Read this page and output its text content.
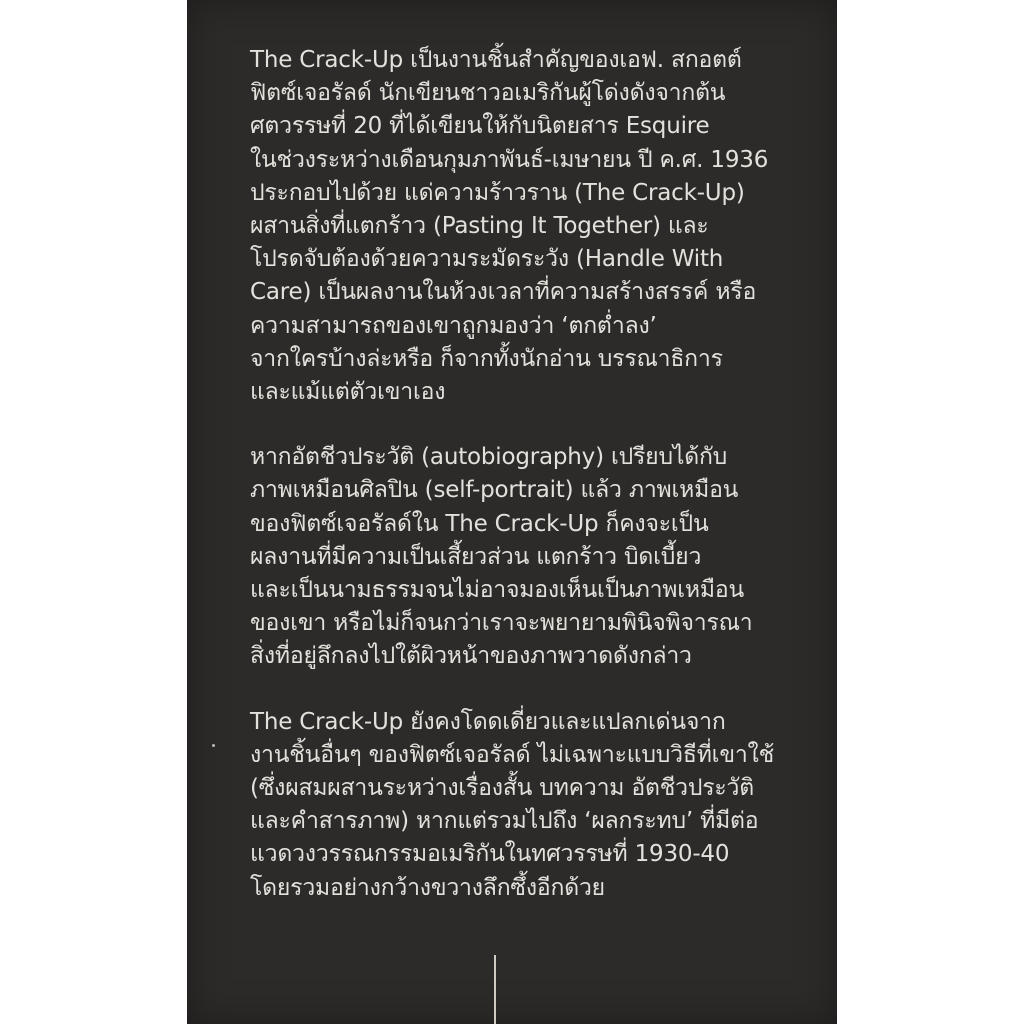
The Crack-Up เป็นงานชิ้นสำคัญของเอฟ. สกอตต์
ฟิตซ์เจอรัลด์ นักเขียนชาวอเมริกันผู้โด่งดังจากต้น
ศตวรรษที่ 20 ที่ได้เขียนให้กับนิตยสาร Esquire
ในช่วงระหว่างเดือนกุมภาพันธ์-เมษายน ปี ค.ศ. 1936
ประกอบไปด้วย แด่ความร้าวราน (The Crack-Up)
ผสานสิ่งที่แตกร้าว (Pasting It Together) และ
โปรดจับต้องด้วยความระมัดระวัง (Handle With
Care) เป็นผลงานในห้วงเวลาที่ความสร้างสรรค์ หรือ
ความสามารถของเขาถูกมองว่า ‘ตกต่ำลง’
จากใครบ้างล่ะหรือ ก็จากทั้งนักอ่าน บรรณาธิการ
และแม้แต่ตัวเขาเอง
หากอัตชีวประวัติ (autobiography) เปรียบได้กับ
ภาพเหมือนศิลปิน (self-portrait) แล้ว ภาพเหมือน
ของฟิตซ์เจอรัลด์ใน The Crack-Up ก็คงจะเป็น
ผลงานที่มีความเป็นเสี้ยวส่วน แตกร้าว บิดเบี้ยว
และเป็นนามธรรมจนไม่อาจมองเห็นเป็นภาพเหมือน
ของเขา หรือไม่ก็จนกว่าเราจะพยายามพินิจพิจารณา
สิ่งที่อยู่ลึกลงไปใต้ผิวหน้าของภาพวาดดังกล่าว
The Crack-Up ยังคงโดดเดี่ยวและแปลกเด่นจาก
งานชิ้นอื่นๆ ของฟิตซ์เจอรัลด์ ไม่เฉพาะแบบวิธีที่เขาใช้
(ซึ่งผสมผสานระหว่างเรื่องสั้น บทความ อัตชีวประวัติ
และคำสารภาพ) หากแต่รวมไปถึง ‘ผลกระทบ’ ที่มีต่อ
แวดวงวรรณกรรมอเมริกันในทศวรรษที่ 1930-40
โดยรวมอย่างกว้างขวางลึกซึ้งอีกด้วย
